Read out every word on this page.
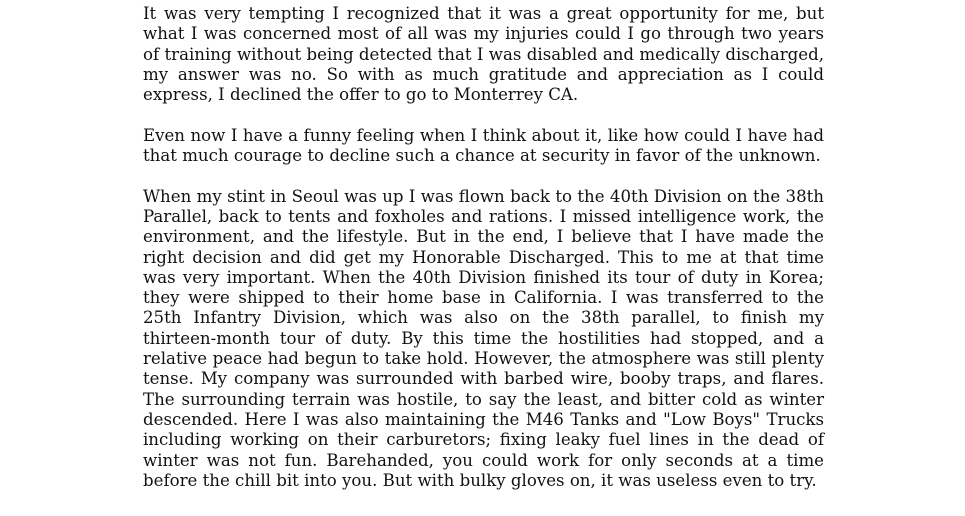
It was very tempting I recognized that it was a great opportunity for me, but what I was concerned most of all was my injuries could I go through two years of training without being detected that I was disabled and medically discharged, my answer was no. So with as much gratitude and appreciation as I could express, I declined the offer to go to Monterrey CA.

Even now I have a funny feeling when I think about it, like how could I have had that much courage to decline such a chance at security in favor of the unknown.

When my stint in Seoul was up I was flown back to the 40th Division on the 38th Parallel, back to tents and foxholes and rations. I missed intelligence work, the environment, and the lifestyle. But in the end, I believe that I have made the right decision and did get my Honorable Discharged. This to me at that time was very important. When the 40th Division finished its tour of duty in Korea; they were shipped to their home base in California. I was transferred to the 25th Infantry Division, which was also on the 38th parallel, to finish my thirteen-month tour of duty. By this time the hostilities had stopped, and a relative peace had begun to take hold. However, the atmosphere was still plenty tense. My company was surrounded with barbed wire, booby traps, and flares. The surrounding terrain was hostile, to say the least, and bitter cold as winter descended. Here I was also maintaining the M46 Tanks and "Low Boys" Trucks including working on their carburetors; fixing leaky fuel lines in the dead of winter was not fun. Barehanded, you could work for only seconds at a time before the chill bit into you. But with bulky gloves on, it was useless even to try.
